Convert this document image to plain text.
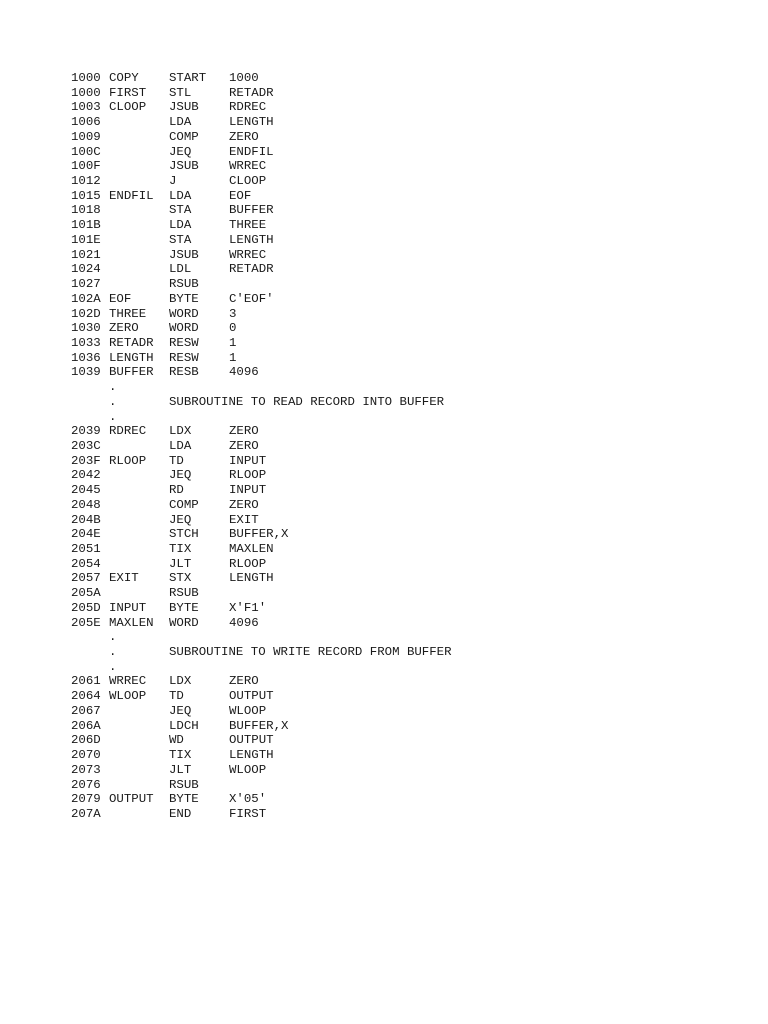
1000 COPY START 1000
1000 FIRST STL	RETADR
1003 CLOOP JSUB RDREC
1006	LDA	LENGTH
1009	COMP ZERO
100C	JEQ	ENDFIL
100F	JSUB WRREC
1012	J	CLOOP
1015 ENDFIL LDA	EOF
1018	STA	BUFFER
101B	LDA	THREE
101E	STA	LENGTH
1021	JSUB WRREC
1024	LDL	RETADR
1027	RSUB
102A EOF	BYTE C'EOF'
102D THREE WORD 3
1030 ZERO WORD 0
1033 RETADR RESW 1
1036 LENGTH RESW 1
1039 BUFFER RESB 4096
.
.	SUBROUTINE TO READ RECORD INTO BUFFER
.
2039 RDREC LDX	ZERO
203C	LDA	ZERO
203F RLOOP TD	INPUT
2042	JEQ	RLOOP
2045	RD	INPUT
2048	COMP ZERO
204B	JEQ	EXIT
204E	STCH BUFFER,X
2051	TIX	MAXLEN
2054	JLT	RLOOP
2057 EXIT STX	LENGTH
205A	RSUB
205D INPUT BYTE X'F1'
205E MAXLEN WORD 4096
.
.	SUBROUTINE TO WRITE RECORD FROM BUFFER
.
2061 WRREC LDX	ZERO
2064 WLOOP TD	OUTPUT
2067	JEQ	WLOOP
206A	LDCH BUFFER,X
206D	WD	OUTPUT
2070	TIX	LENGTH
2073	JLT	WLOOP
2076	RSUB
2079 OUTPUT BYTE X'05'
207A	END	FIRST
